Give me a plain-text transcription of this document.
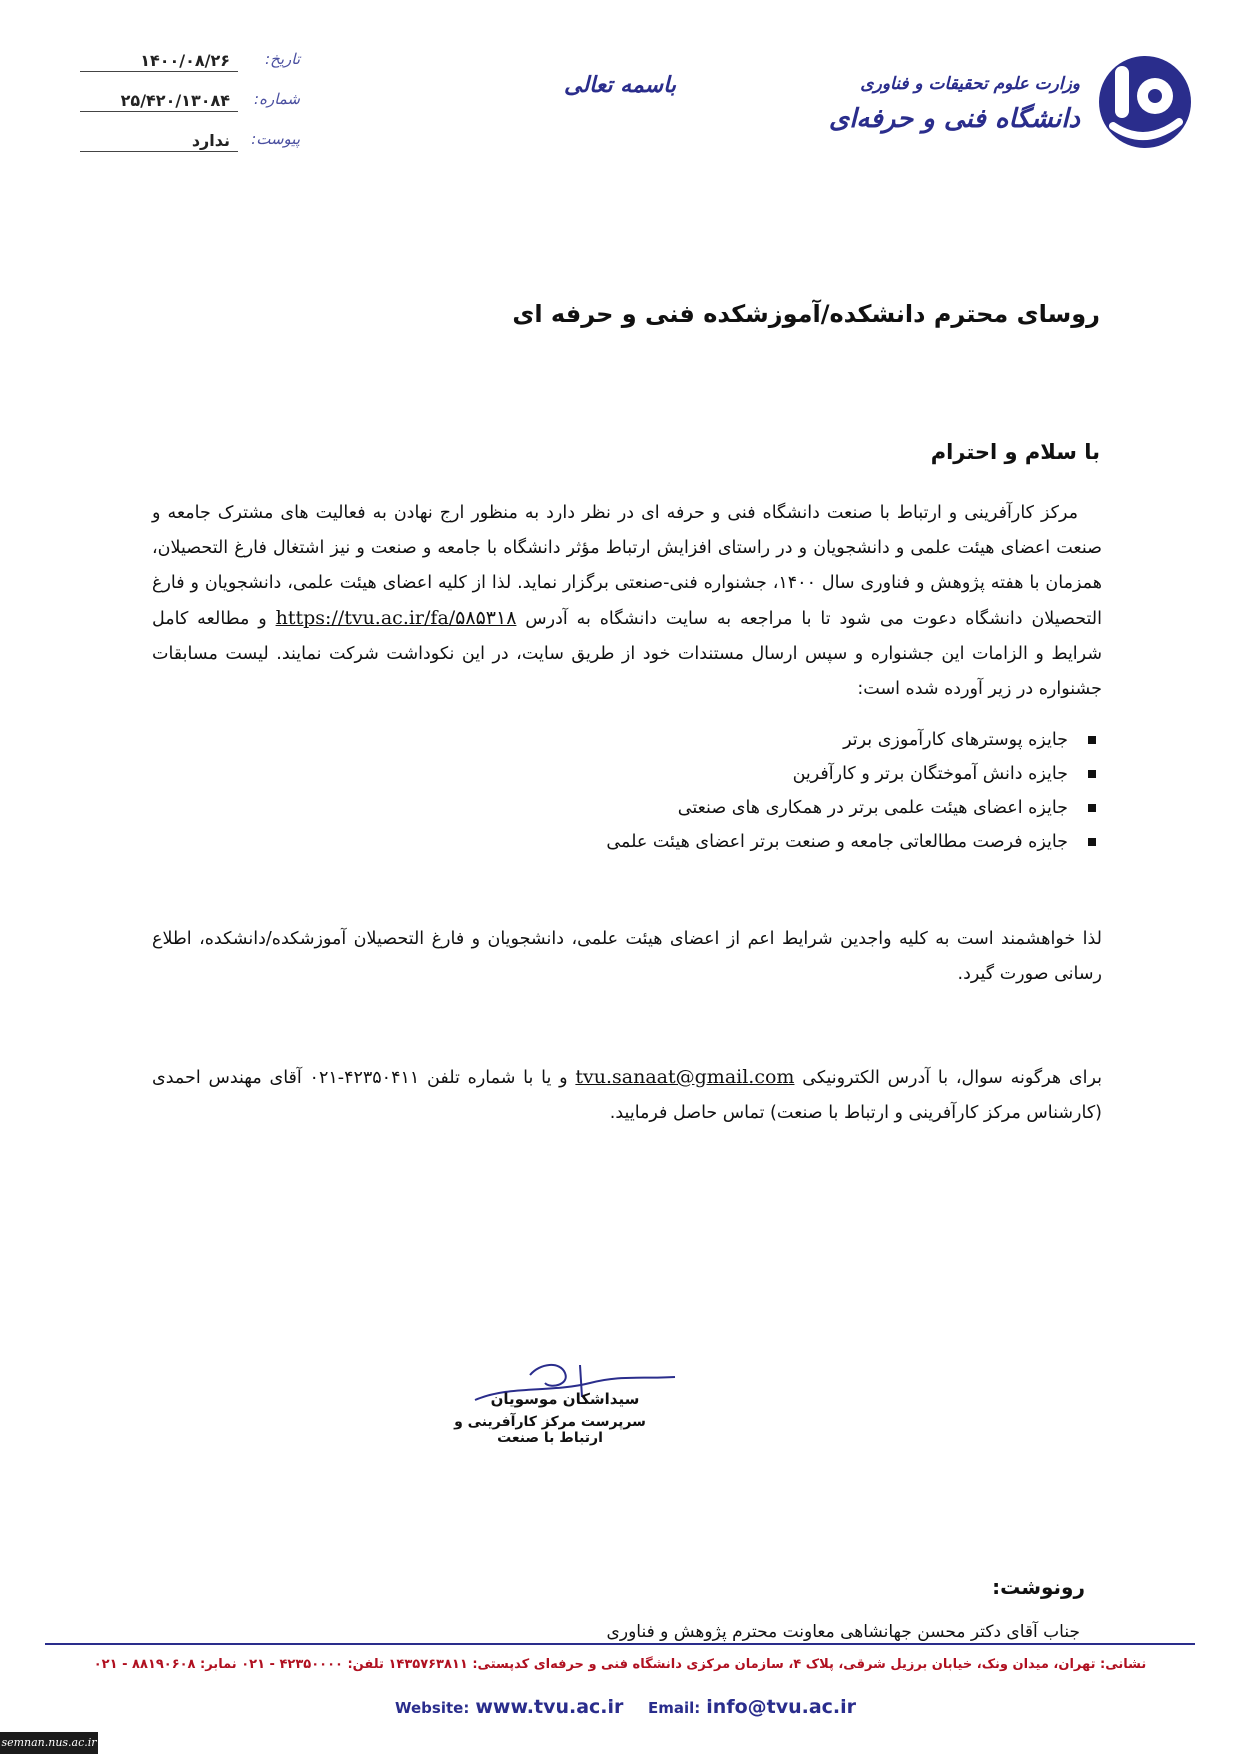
تاریخ:
۱۴۰۰/۰۸/۲۶
شماره:
۲۵/۴۲۰/۱۳۰۸۴
پیوست:
ندارد
باسمه تعالی	وزارت علوم تحقیقات و فناوری
دانشگاه فنی و حرفه‌ای
روسای محترم دانشکده/آموزشکده فنی و حرفه ای
با سلام و احترام
مرکز کارآفرینی و ارتباط با صنعت دانشگاه فنی و حرفه ای در نظر دارد به منظور ارج نهادن به فعالیت های مشترک جامعه و صنعت اعضای هیئت علمی و دانشجویان و در راستای افزایش ارتباط مؤثر دانشگاه با جامعه و صنعت و نیز اشتغال فارغ التحصیلان، همزمان با هفته پژوهش و فناوری سال ۱۴۰۰، جشنواره فنی-صنعتی برگزار نماید. لذا از کلیه اعضای هیئت علمی، دانشجویان و فارغ التحصیلان دانشگاه دعوت می شود تا با مراجعه به سایت دانشگاه به آدرس https://tvu.ac.ir/fa/۵۸۵۳۱۸ و مطالعه کامل شرایط و الزامات این جشنواره و سپس ارسال مستندات خود از طریق سایت، در این نکوداشت شرکت نمایند. لیست مسابقات جشنواره در زیر آورده شده است:
جایزه پوسترهای کارآموزی برتر
جایزه دانش آموختگان برتر و کارآفرین
جایزه اعضای هیئت علمی برتر در همکاری های صنعتی
جایزه فرصت مطالعاتی جامعه و صنعت برتر اعضای هیئت علمی
لذا خواهشمند است به کلیه واجدین شرایط اعم از اعضای هیئت علمی، دانشجویان و فارغ التحصیلان آموزشکده/دانشکده، اطلاع رسانی صورت گیرد.
برای هرگونه سوال، با آدرس الکترونیکی tvu.sanaat@gmail.com و یا با شماره تلفن ۴۲۳۵۰۴۱۱-۰۲۱ آقای مهندس احمدی (کارشناس مرکز کارآفرینی و ارتباط با صنعت) تماس حاصل فرمایید.
سیداشکان موسویان
سرپرست مرکز کارآفرینی و ارتباط با صنعت
رونوشت:
جناب آقای دکتر محسن جهانشاهی معاونت محترم پژوهش و فناوری
نشانی: تهران، میدان ونک، خیابان برزیل شرقی، پلاک ۴، سازمان مرکزی دانشگاه فنی و حرفه‌ای کدپستی: ۱۴۳۵۷۶۳۸۱۱ تلفن: ۴۲۳۵۰۰۰۰ - ۰۲۱ نمابر: ۸۸۱۹۰۶۰۸ - ۰۲۱
Website: www.tvu.ac.ir Email: info@tvu.ac.ir
semnan.nus.ac.ir
